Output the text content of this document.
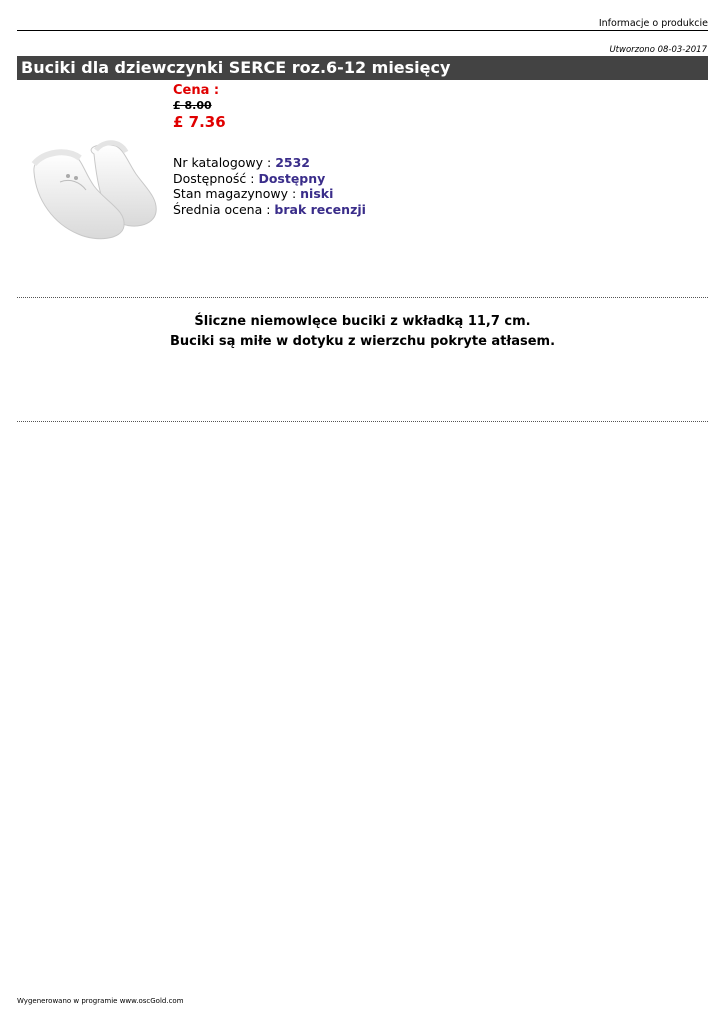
Informacje o produkcie
Utworzono 08-03-2017
Buciki dla dziewczynki SERCE roz.6-12 miesięcy
Cena :
£ 8.00
£ 7.36
Nr katalogowy : 2532
Dostępność : Dostępny
Stan magazynowy : niski
Średnia ocena : brak recenzji
Śliczne niemowlęce buciki z wkładką 11,7 cm.
Buciki są miłe w dotyku z wierzchu pokryte atłasem.
Wygenerowano w programie www.oscGold.com
